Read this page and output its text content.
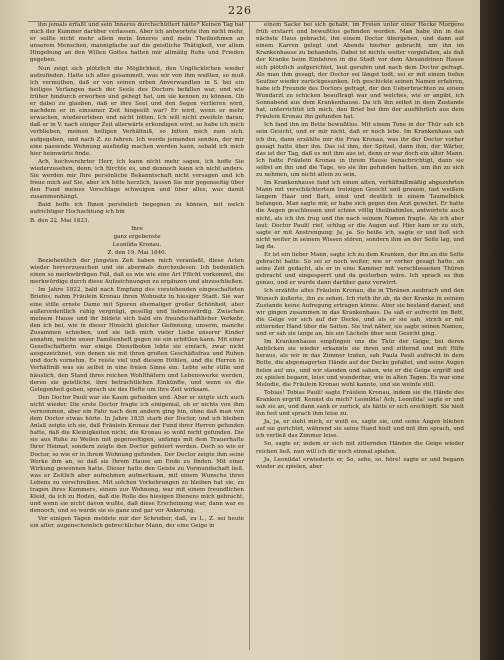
226

ihn jemals erfaßt und sein Inneres durchschüttert hätte? Keinen Tag hat mich der Kummer darüber verlassen. Aber ich antwortete ihm nicht mehr, er sollte nicht mehr allein mein Inneres und mein Theilnehmen an unserem Menschen, mannigfache auf die geistliche Thätigkeit, vor allem Hingebung an den Willen Gottes hatten mir allmälig Ruhe und Frieden gegeben.

Nun zeigt sich plötzlich die Möglichkeit, den Unglücklichen wieder aufzufinden. Hatte ich alles gesammelt, was wir von ihm wußten, so muß ich vermuthen, daß er von seinen erben Anverwandten in S. bei ein heiliges Verlangen nach der Seele des Doctors befallen war, und wie früher hindurch erworben und gehegt hat, um sie kennen zu können. Ob er dabei zu glauben, daß er ihre Seel und den Segen verlieren wird, nachdem er in einsamer Zeit hingeeilt war? Er wird, wenn er mehr erwachen, wiedererleben und nicht bitten. Ich will nicht zweifeln daran, daß er in V. nach einiger Zeit allerwärts erkundigen wird, so habe ich mich verblieben, meinen heiligen Verhältniß, so bitten mich zum sich, aufgegeben, und nach Z. zu fahren. Ich werde jemanden senden, der mir eine passende Wohnung ausfindig machen werden kann, sobald ich mich hier heimwärts finde.

Ach, hochverehrter Herr, ich kann nicht mehr sagen, ich hoffe Sie wiederzusehen, denn, ich fürchte es, und dennoch kann ich nicht anders. Sie werden mir Ihre persönliche Bekanntschaft nicht versagen und ich freue mich auf Sie, aber ich bitte herzlich, lassen Sie mir gegenseitig über den Fund meines Vorschlags schweigen und über alles, was damit zusammenhängt.

Bald hoffe ich Ihnen persönlich begegnen zu können, mit welch aufrichtiger Hochachtung ich bin

B. den 22. Mai 1823.

Ihre

ganz ergebenste

Leonilda Kronau.

Z. den 19. Mai 1840.

Beziehentlich der jüngsten Zeit haben mich veranlaßt, diese Acten wieder hervorzusuchen und sie abermals durchzulesen. Ich bedenklich einen so merkwürdigen Fall, daß es wie wie eine Art Pflicht vorkommt, die merkwürdige durch diese Aufzeichnungen zu ergänzen und abzuschließen.

Im Jahre 1822, bald nach Empfang des vorstehenden eingeschalteten Briefes, nahm Fräulein Kronau ihren Wohnsitz in hiesiger Stadt. Sie war eine stille ernste Dame mit Spuren ehemaliger großer Schönheit, aber außerordentlich ruhig vergnügt, gesellig und liebenswürdig. Zwischen meinem Hause und ihr bildete sich bald ein freundschaftlicher Verkehr, den ich bei, wie in dieser Hinsicht gleicher Gefinnung, unserm, manche Zusammen schieben, und sie ließ mich vieler Liebe unserer Kinder annahm, welche unser Familienheft gegen sie ein erbittlen kann. Mit einer Gesellschafterin war einige Dienstboten lebte sie einfach, zwar nicht ausgezeichnet, von denen sie mit ihren großen Geschäftsfrau und Ruhen und doch vornehm. Es reiste viel und diesem Höhlen, und die Herren in Verhältniß was sie selbst in eine freien Sinne ein. Lebte sehr stille und häuslich, den Stand ihres reichen Wohlthätern und Lebenswerke werden, deren sie geistliche, ihre betrachtlichen Einkünfte, und wenn es die Gelegenheit geben, sprach sie des Hefte um ihre Zeit wirksam.

Den Doctor Pauli war sie Kaum gefunden und. Aber er zeigte sich auch nicht wieder. Die erste Doctor fragte ich einigemal, ob er nichts von ihm vernommen, aber ein Fahr nach dem andern ging hin, ohne daß man von dem Doctor etwas hörte. In Jahre 1835 starb der Doctor, und ich bleiben Anlaß zeigte ich sie, daß Fräulein Kronau der Fund ihrer Herren gefunden hatte, daß die Kleinigkeiten nicht, die Kronau so wohl nicht gefunden. Die sie aus Ruhe zu Weilen mit gegenseitigen, anfangs mit dem Trauerhafte Ihrer Heimat, sondern zeigte den Doctor gefeiert werden. Doch so wie er Doctor, so wie er in ihrem Wohnung gefunden. Der Doctor zeigte ihm seine Werke ihm an, so daß sie Ihrem Hause am Ende zu finden. Mit einer Wirkung gewonnen hatte. Dieser hatte den Geiste zu Vormundschaft ließ, was er Zeitlich aber aufnehmen aufmerksam, mit einem Wunsche ihres Lebens zu verschreiben. Mit solchen Vorkehrungen zu bleiben hat sie, zu tragen ihres Kummers, einem zur Wohnung, war mit einem freundlichen Kleid, da ich zu Boden, daß die Rolle des hiesigen Dienens mich gebracht, und wenn sie nicht davon wußte, daß diese Erscheinung war, dann war es dennoch, und so wurde sie es ganz und gar vor Ankerung.

Vor einigen Tagen meldete mir der Schreiber, daß, zu L., Z. sei heute ein alter, augenscheinlich gebrechlicher Mann, der eine Geige in

einem Sacke bei sich gehabt, im Freien unter einer Hecke Morgens früh erstarrt und bewußtlos gefunden worden. Man habe ihn in das nächste Haus gebracht, ihn einem Doctor übergeben, und dann auf einem Karren gelegt und Abends hierher gebracht, um ihn im Krankenhause zu behandeln. Dabei ist nichts weiter vorgefallen, als daß der Kranke beim Einfahren in die Stadt vor dem Alexandrinen Hause sich plötzlich aufgerichtet, laut gerufen und nach dem Doctor gefragt. Als man ihm gesagt, der Doctor sei längst todt, sei er mit einem tiefen Seufzer wieder zurückgesunken. Ich geschickte seinen Namen erfahren, habe ich Freunde des Doctors gefragt, der den Ueberbrachten zu einem Wundarzt zu schicken beauftragt war und welches, wie er angibt, ich Sonnabend aus dem Krankenhause. Da ich ihn selbst in dem Zustande hat, unterrichtet ich mich, den Brief bei ihm der ausführlich aus dem Fräulein Kronau ihn gefunden hat.

Ich fand ihn im Bette bewußtlos. Mit einem Tone in der Thür sah ich sein Gesicht, und er mir nicht, daß er noch lebe. Im Krankenhaus sah ich ihn, dann erzählte mir die Frau Kronau, was ihr der Doctor vorher gesagt hatte über ihn. Das ist ihm, der Spitzel, dann ihm, der Wärter, das ist der Tag, daß es mit ihm aus ist, denn er war doch ein alter Mann. Ich hatte Fräulein Kronau in ihrem Hause benachrichtigt, dann sie selbst an ihn und die Tage, wo sie ihn gefunden hatten, um ihn zu sich zu nehmen, um nicht allein zu sein.

Im Krankenhause fand ich einen alten, verhältnißmäßig abgezehrten Mann mit verschüchtertem trotzigen Gesicht und grauem, fast weißem langem Haar und Bart, einst und deutlich in einem Taumelblick befangen. Man sagte mir, er habe sich gegen den Arzt gewehrt. Er hatte die Augen geschlossen und schien völlig theilnahmlos, antwortete auch nicht, als ich ihn frug und ihn nach seinem Namen fragte. Als ich aber laut: Doctor Pauli! rief, schlug er die Augen auf. Hier kam er zu sich, sagte er mit Anstrengung: Ja, ja. So heiße ich, sagte er und ließ sich nicht weiter in seinem Wissen stören, sondern ihm an der Seite lag, und lag da.

Er ist ein lieber Mann, sagte ich zu dem Kranken, der ihn an die Seite gebracht hatte. So sei er noch weiter, wie er vorher gesagt hatte, an seine Zeit gedacht, als er in eine Kammer mit verschlossenen Thüren gebracht und eingesperrt und da gestorben wäre. Ich sprach es ihm genau, und er wurde dann darüber ganz verwirrt.

Ich erzählte alles Fräulein Kronau, die in Thränen ausbrach und den Wunsch äußerte, ihn zu sehen. Ich rieth ihr ab, da der Kranke in seinem Zustande keine Aufregung ertragen könne. Aber sie bestand darauf, und wir gingen zusammen in das Krankenhaus. Da saß er aufrecht im Bett, die Geige vor sich auf der Decke, und als er sie sah, strich er mit zitternder Hand über die Saiten. Sie trat näher, sie sagte seinen Namen, und er sah sie lange an, bis ein Lächeln über sein Gesicht ging.

Im Krankenhause empfingen uns die Thür der Geige, bei deren Anblicken sie wieder erkannte sie ihren und zitternd und mit Hilfe heraus, als wir in das Zimmer traten, sah Paula Pauli aufrecht in dem Bette, die abgemagerten Hände auf der Decke gefaltet, und seine Augen fielen auf uns, und wir standen und sahen, wie er die Geige ergriff und zu spielen begann, leise und wunderbar, wie in alten Tagen. Es war eine Melodie, die Fräulein Kronau wohl kannte, und sie weinte still.

Tobias! Tobias Pauli! sagte Fräulein Kronau, indem sie die Hände des Kranken ergriff. Kennst du mich? Leonilda! Ach, Leonilda! sagte er und sah sie an, und dann sank er zurück, als hätte er sich erschöpft. Sie hielt ihn fest und sprach ihm leise zu.

Ja, ja, er sieht mich, er weiß es, sagte sie, und seine Augen blieben auf sie gerichtet, während sie seine Hand hielt und mit ihm sprach, und ich verließ das Zimmer leise.

So, sagte er, indem er sich mit zitternden Händen die Geige wieder reichen ließ, nun will ich dir noch einmal spielen.

Ja, Leonilda! erwiederte er, So, sehe, so, höre! sagte er und begann wieder zu spielen, aber
